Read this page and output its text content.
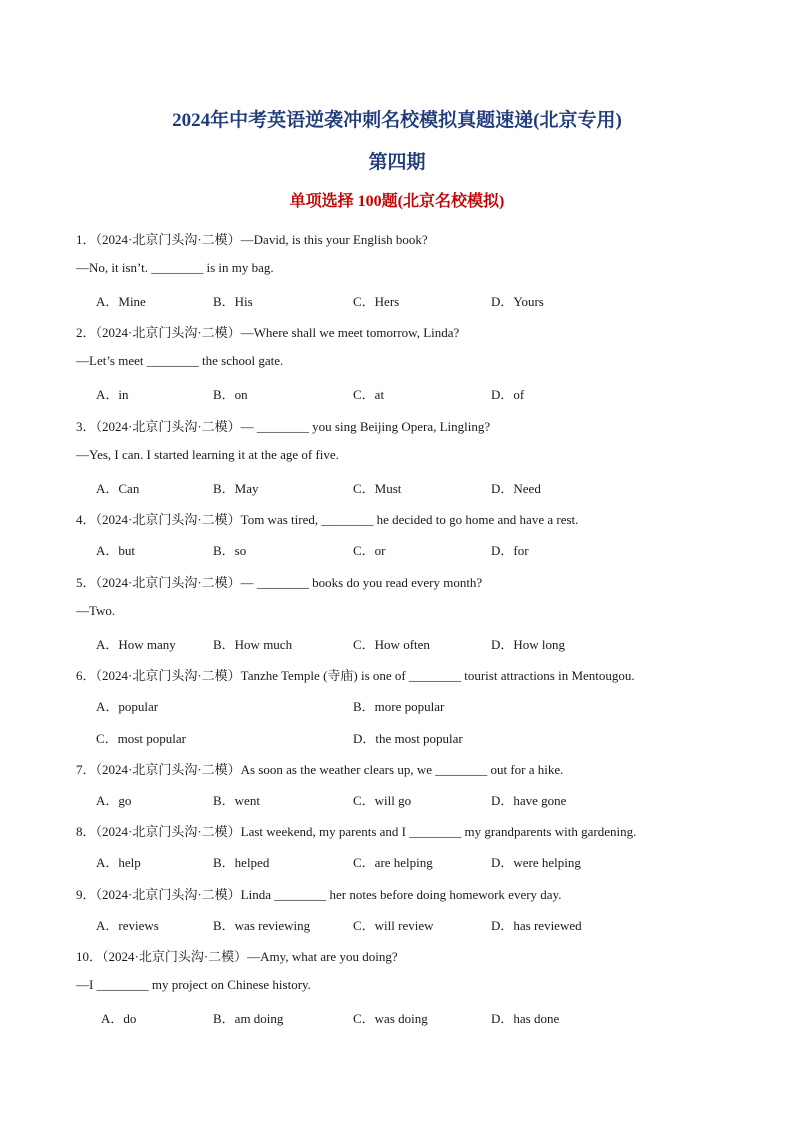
2024年中考英语逆袭冲刺名校模拟真题速递(北京专用)
第四期
单项选择 100题(北京名校模拟)
1．（2024·北京门头沟·二模）—David, is this your English book?
—No, it isn’t. ________ is in my bag.
A．Mine	B．His	C．Hers	D．Yours
2．（2024·北京门头沟·二模）—Where shall we meet tomorrow, Linda?
—Let’s meet ________ the school gate.
A．in	B．on	C．at	D．of
3．（2024·北京门头沟·二模）— ________ you sing Beijing Opera, Lingling?
—Yes, I can. I started learning it at the age of five.
A．Can	B．May	C．Must	D．Need
4．（2024·北京门头沟·二模）Tom was tired, ________ he decided to go home and have a rest.
A．but	B．so	C．or	D．for
5．（2024·北京门头沟·二模）— ________ books do you read every month?
—Two.
A．How many	B．How much	C．How often	D．How long
6．（2024·北京门头沟·二模）Tanzhe Temple (寺庙) is one of ________ tourist attractions in Mentougou.
A．popular	B．more popular
C．most popular	D．the most popular
7．（2024·北京门头沟·二模）As soon as the weather clears up, we ________ out for a hike.
A．go	B．went	C．will go	D．have gone
8．（2024·北京门头沟·二模）Last weekend, my parents and I ________ my grandparents with gardening.
A．help	B．helped	C．are helping	D．were helping
9．（2024·北京门头沟·二模）Linda ________ her notes before doing homework every day.
A．reviews	B．was reviewing	C．will review	D．has reviewed
10．（2024·北京门头沟·二模）—Amy, what are you doing?
—I ________ my project on Chinese history.
A．do	B．am doing	C．was doing	D．has done
